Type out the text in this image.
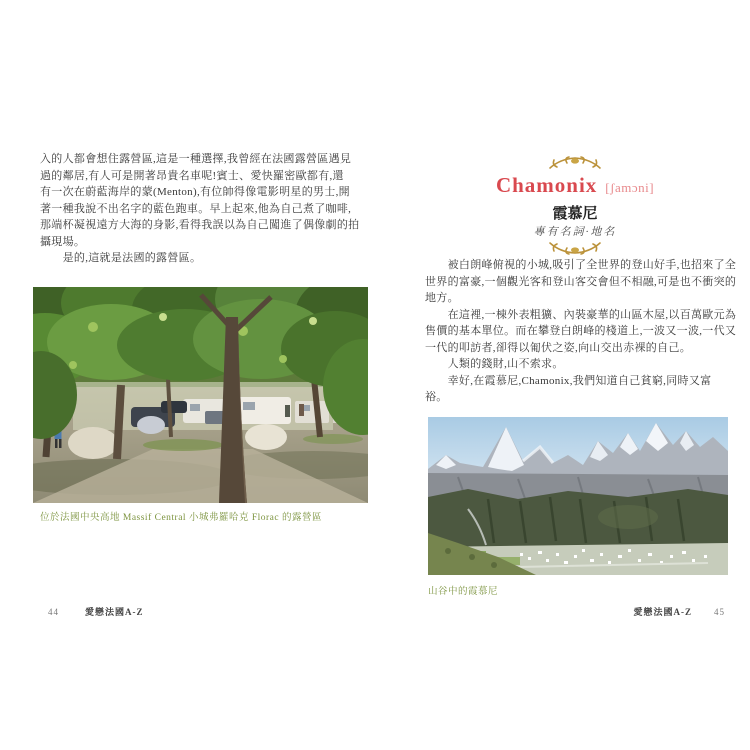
入的人都會想住露營區,這是一種選擇,我曾經在法國露營區遇見
過的鄰居,有人可是開著昂貴名車呢!賓士、愛快羅密歐都有,還
有一次在蔚藍海岸的蒙(Menton),有位帥得像電影明星的男士,開
著一種我說不出名字的藍色跑車。早上起來,他為自己煮了咖啡,
那端杯凝視遠方大海的身影,看得我誤以為自己闖進了偶像劇的拍
攝現場。
　　是的,這就是法國的露營區。
位於法國中央高地 Massif Central 小城弗羅哈克 Florac 的露營區
44	愛戀法國A-Z
Chamonix [ʃamɔni]
霞慕尼
專有名詞·地名
　　被白朗峰俯視的小城,吸引了全世界的登山好手,也招來了全
世界的富豪,一個觀光客和登山客交會但不相融,可是也不衝突的
地方。
　　在這裡,一棟外表粗獷、內裝豪華的山區木屋,以百萬歐元為
售價的基本單位。而在攀登白朗峰的棧道上,一波又一波,一代又
一代的叩訪者,卻得以匍伏之姿,向山交出赤裸的自己。
　　人類的錢財,山不索求。
　　幸好,在霞慕尼,Chamonix,我們知道自己貧窮,同時又富
裕。
山谷中的霞慕尼
愛戀法國A-Z 45
